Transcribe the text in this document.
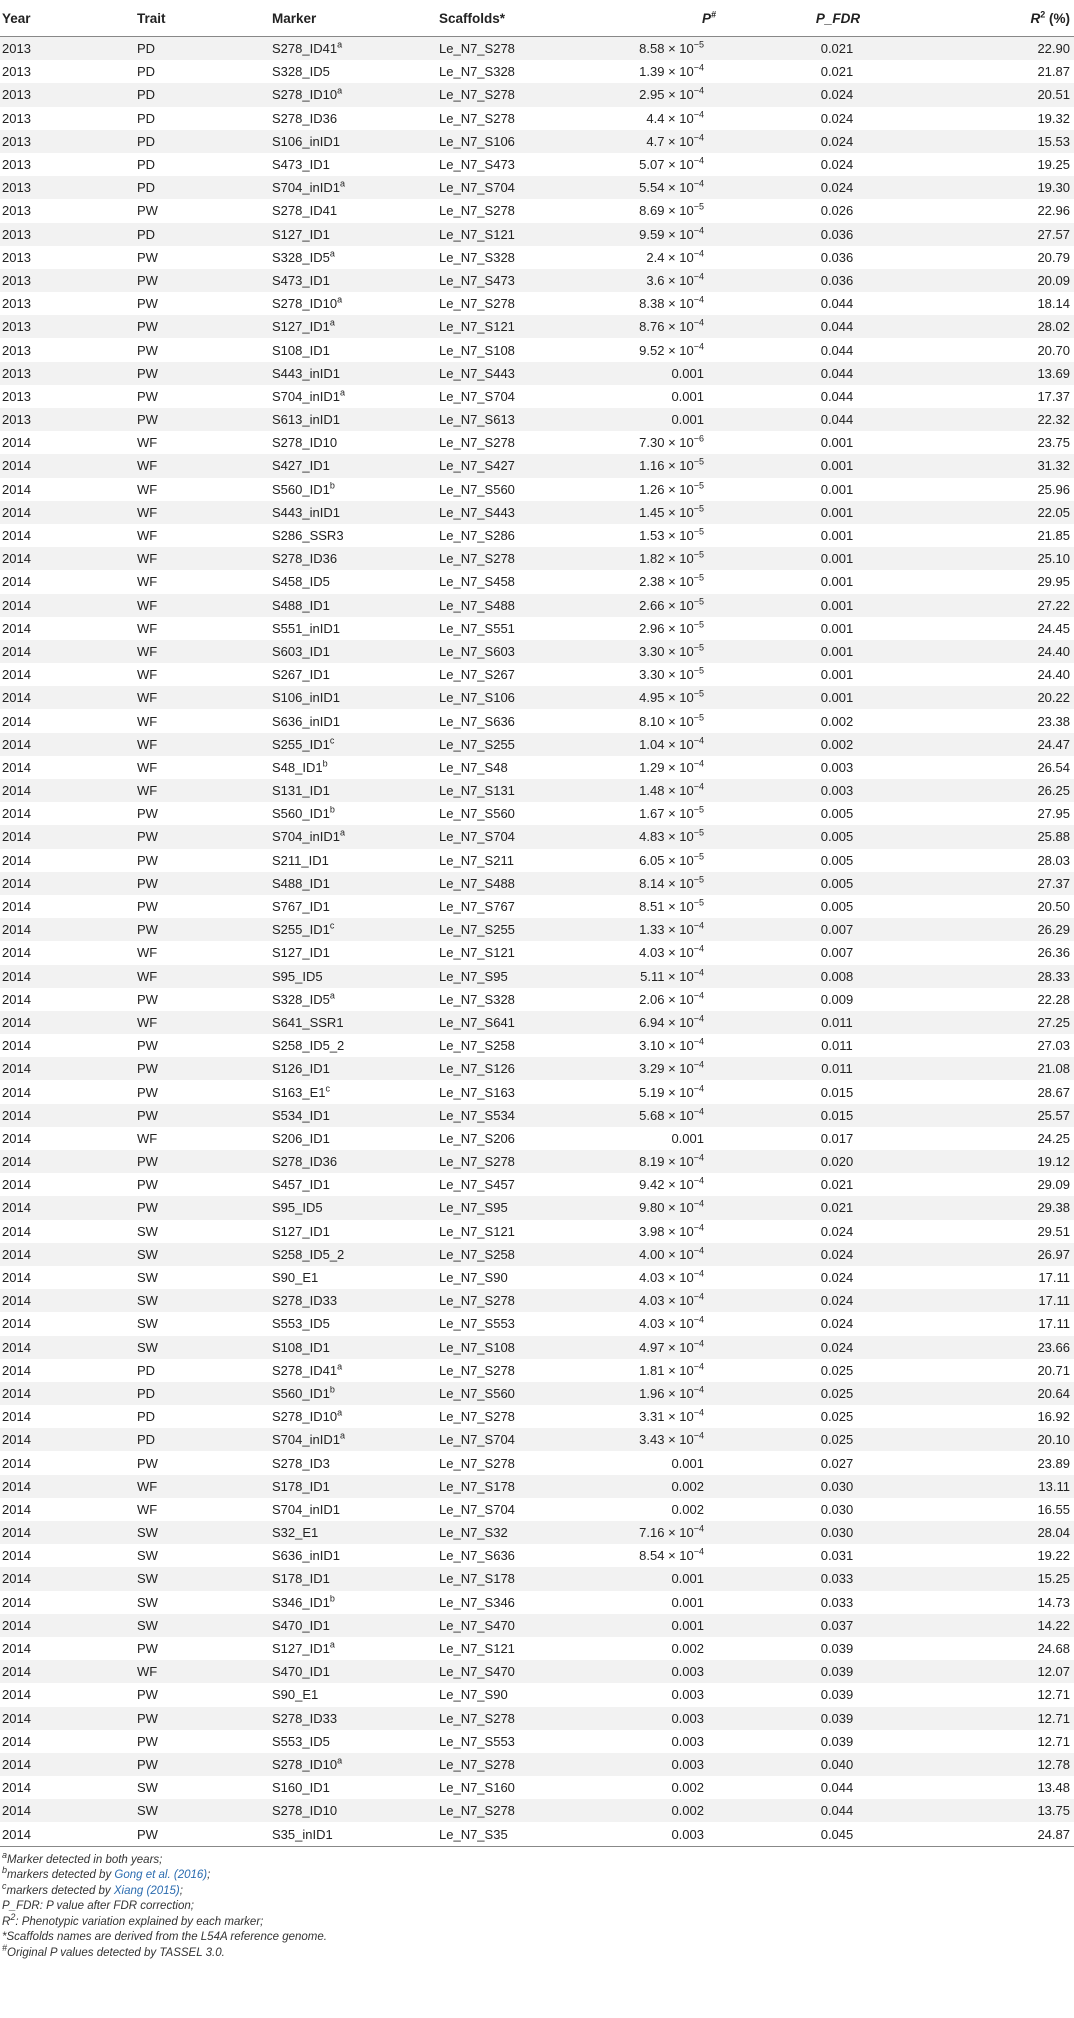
Year	Trait	Marker	Scaffolds*	P#	P_FDR	$R^2$ (%)
2013	PD	S278_ID41$^a$	Le_N7_S278	$8.58 \times 10^{-5}$	0.021	22.90
2013	PD	S328_ID5	Le_N7_S328	$1.39 \times 10^{-4}$	0.021	21.87
2013	PD	S278_ID10$^a$	Le_N7_S278	$2.95 \times 10^{-4}$	0.024	20.51
2013	PD	S278_ID36	Le_N7_S278	$4.4 \times 10^{-4}$	0.024	19.32
2013	PD	S106_inID1	Le_N7_S106	$4.7 \times 10^{-4}$	0.024	15.53
2013	PD	S473_ID1	Le_N7_S473	$5.07 \times 10^{-4}$	0.024	19.25
2013	PD	S704_inID1$^a$	Le_N7_S704	$5.54 \times 10^{-4}$	0.024	19.30
2013	PW	S278_ID41	Le_N7_S278	$8.69 \times 10^{-5}$	0.026	22.96
2013	PD	S127_ID1	Le_N7_S121	$9.59 \times 10^{-4}$	0.036	27.57
2013	PW	S328_ID5$^a$	Le_N7_S328	$2.4 \times 10^{-4}$	0.036	20.79
2013	PW	S473_ID1	Le_N7_S473	$3.6 \times 10^{-4}$	0.036	20.09
2013	PW	S278_ID10$^a$	Le_N7_S278	$8.38 \times 10^{-4}$	0.044	18.14
2013	PW	S127_ID1$^a$	Le_N7_S121	$8.76 \times 10^{-4}$	0.044	28.02
2013	PW	S108_ID1	Le_N7_S108	$9.52 \times 10^{-4}$	0.044	20.70
2013	PW	S443_inID1	Le_N7_S443	0.001	0.044	13.69
2013	PW	S704_inID1$^a$	Le_N7_S704	0.001	0.044	17.37
2013	PW	S613_inID1	Le_N7_S613	0.001	0.044	22.32
2014	WF	S278_ID10	Le_N7_S278	$7.30 \times 10^{-6}$	0.001	23.75
2014	WF	S427_ID1	Le_N7_S427	$1.16 \times 10^{-5}$	0.001	31.32
2014	WF	S560_ID1$^b$	Le_N7_S560	$1.26 \times 10^{-5}$	0.001	25.96
2014	WF	S443_inID1	Le_N7_S443	$1.45 \times 10^{-5}$	0.001	22.05
2014	WF	S286_SSR3	Le_N7_S286	$1.53 \times 10^{-5}$	0.001	21.85
2014	WF	S278_ID36	Le_N7_S278	$1.82 \times 10^{-5}$	0.001	25.10
2014	WF	S458_ID5	Le_N7_S458	$2.38 \times 10^{-5}$	0.001	29.95
2014	WF	S488_ID1	Le_N7_S488	$2.66 \times 10^{-5}$	0.001	27.22
2014	WF	S551_inID1	Le_N7_S551	$2.96 \times 10^{-5}$	0.001	24.45
2014	WF	S603_ID1	Le_N7_S603	$3.30 \times 10^{-5}$	0.001	24.40
2014	WF	S267_ID1	Le_N7_S267	$3.30 \times 10^{-5}$	0.001	24.40
2014	WF	S106_inID1	Le_N7_S106	$4.95 \times 10^{-5}$	0.001	20.22
2014	WF	S636_inID1	Le_N7_S636	$8.10 \times 10^{-5}$	0.002	23.38
2014	WF	S255_ID1$^c$	Le_N7_S255	$1.04 \times 10^{-4}$	0.002	24.47
2014	WF	S48_ID1$^b$	Le_N7_S48	$1.29 \times 10^{-4}$	0.003	26.54
2014	WF	S131_ID1	Le_N7_S131	$1.48 \times 10^{-4}$	0.003	26.25
2014	PW	S560_ID1$^b$	Le_N7_S560	$1.67 \times 10^{-5}$	0.005	27.95
2014	PW	S704_inID1$^a$	Le_N7_S704	$4.83 \times 10^{-5}$	0.005	25.88
2014	PW	S211_ID1	Le_N7_S211	$6.05 \times 10^{-5}$	0.005	28.03
2014	PW	S488_ID1	Le_N7_S488	$8.14 \times 10^{-5}$	0.005	27.37
2014	PW	S767_ID1	Le_N7_S767	$8.51 \times 10^{-5}$	0.005	20.50
2014	PW	S255_ID1$^c$	Le_N7_S255	$1.33 \times 10^{-4}$	0.007	26.29
2014	WF	S127_ID1	Le_N7_S121	$4.03 \times 10^{-4}$	0.007	26.36
2014	WF	S95_ID5	Le_N7_S95	$5.11 \times 10^{-4}$	0.008	28.33
2014	PW	S328_ID5$^a$	Le_N7_S328	$2.06 \times 10^{-4}$	0.009	22.28
2014	WF	S641_SSR1	Le_N7_S641	$6.94 \times 10^{-4}$	0.011	27.25
2014	PW	S258_ID5_2	Le_N7_S258	$3.10 \times 10^{-4}$	0.011	27.03
2014	PW	S126_ID1	Le_N7_S126	$3.29 \times 10^{-4}$	0.011	21.08
2014	PW	S163_E1$^c$	Le_N7_S163	$5.19 \times 10^{-4}$	0.015	28.67
2014	PW	S534_ID1	Le_N7_S534	$5.68 \times 10^{-4}$	0.015	25.57
2014	WF	S206_ID1	Le_N7_S206	0.001	0.017	24.25
2014	PW	S278_ID36	Le_N7_S278	$8.19 \times 10^{-4}$	0.020	19.12
2014	PW	S457_ID1	Le_N7_S457	$9.42 \times 10^{-4}$	0.021	29.09
2014	PW	S95_ID5	Le_N7_S95	$9.80 \times 10^{-4}$	0.021	29.38
2014	SW	S127_ID1	Le_N7_S121	$3.98 \times 10^{-4}$	0.024	29.51
2014	SW	S258_ID5_2	Le_N7_S258	$4.00 \times 10^{-4}$	0.024	26.97
2014	SW	S90_E1	Le_N7_S90	$4.03 \times 10^{-4}$	0.024	17.11
2014	SW	S278_ID33	Le_N7_S278	$4.03 \times 10^{-4}$	0.024	17.11
2014	SW	S553_ID5	Le_N7_S553	$4.03 \times 10^{-4}$	0.024	17.11
2014	SW	S108_ID1	Le_N7_S108	$4.97 \times 10^{-4}$	0.024	23.66
2014	PD	S278_ID41$^a$	Le_N7_S278	$1.81 \times 10^{-4}$	0.025	20.71
2014	PD	S560_ID1$^b$	Le_N7_S560	$1.96 \times 10^{-4}$	0.025	20.64
2014	PD	S278_ID10$^a$	Le_N7_S278	$3.31 \times 10^{-4}$	0.025	16.92
2014	PD	S704_inID1$^a$	Le_N7_S704	$3.43 \times 10^{-4}$	0.025	20.10
2014	PW	S278_ID3	Le_N7_S278	0.001	0.027	23.89
2014	WF	S178_ID1	Le_N7_S178	0.002	0.030	13.11
2014	WF	S704_inID1	Le_N7_S704	0.002	0.030	16.55
2014	SW	S32_E1	Le_N7_S32	$7.16 \times 10^{-4}$	0.030	28.04
2014	SW	S636_inID1	Le_N7_S636	$8.54 \times 10^{-4}$	0.031	19.22
2014	SW	S178_ID1	Le_N7_S178	0.001	0.033	15.25
2014	SW	S346_ID1$^b$	Le_N7_S346	0.001	0.033	14.73
2014	SW	S470_ID1	Le_N7_S470	0.001	0.037	14.22
2014	PW	S127_ID1$^a$	Le_N7_S121	0.002	0.039	24.68
2014	WF	S470_ID1	Le_N7_S470	0.003	0.039	12.07
2014	PW	S90_E1	Le_N7_S90	0.003	0.039	12.71
2014	PW	S278_ID33	Le_N7_S278	0.003	0.039	12.71
2014	PW	S553_ID5	Le_N7_S553	0.003	0.039	12.71
2014	PW	S278_ID10$^a$	Le_N7_S278	0.003	0.040	12.78
2014	SW	S160_ID1	Le_N7_S160	0.002	0.044	13.48
2014	SW	S278_ID10	Le_N7_S278	0.002	0.044	13.75
2014	PW	S35_inID1	Le_N7_S35	0.003	0.045	24.87
$^a$Marker detected in both years;
$^b$markers detected by Gong et al. (2016);
$^c$markers detected by Xiang (2015);
P_FDR: P value after FDR correction;
$R^2$: Phenotypic variation explained by each marker;
*Scaffolds names are derived from the L54A reference genome.
#Original P values detected by TASSEL 3.0.
